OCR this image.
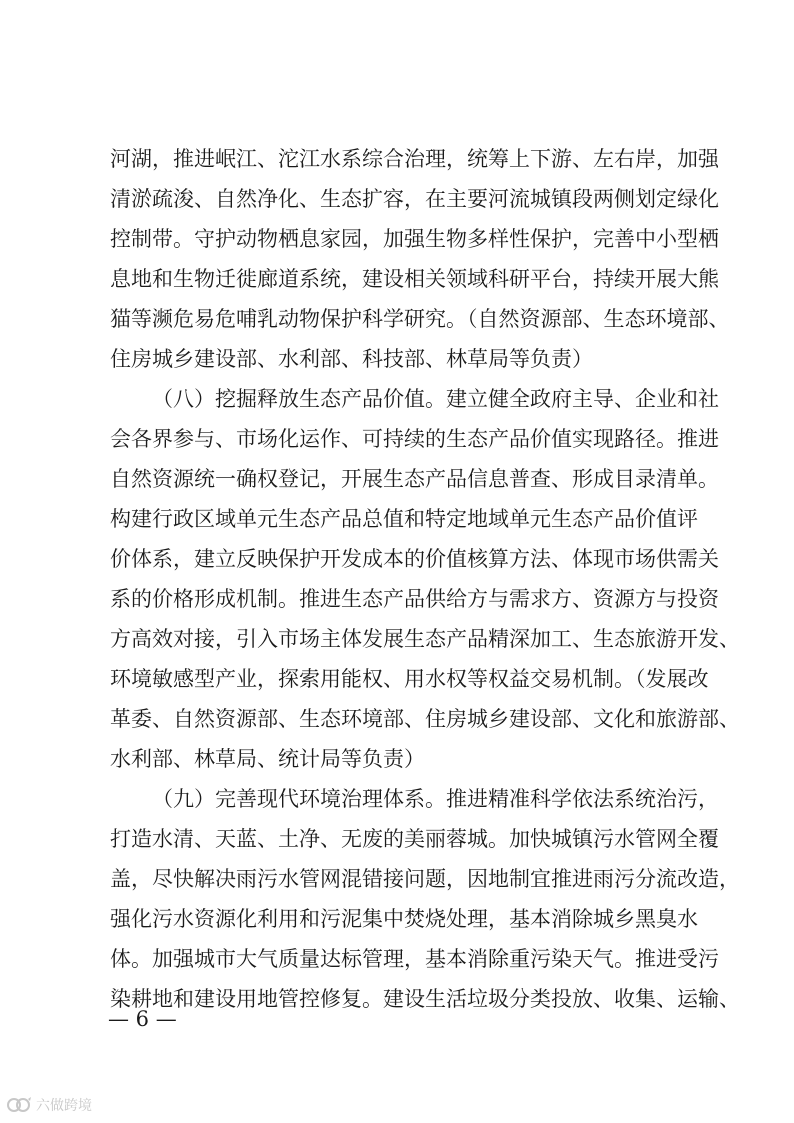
河湖，推进岷江、沱江水系综合治理，统筹上下游、左右岸，加强
清淤疏浚、自然净化、生态扩容，在主要河流城镇段两侧划定绿化
控制带。守护动物栖息家园，加强生物多样性保护，完善中小型栖
息地和生物迁徙廊道系统，建设相关领域科研平台，持续开展大熊
猫等濒危易危哺乳动物保护科学研究。（自然资源部、生态环境部、
住房城乡建设部、水利部、科技部、林草局等负责）
（八）挖掘释放生态产品价值。建立健全政府主导、企业和社
会各界参与、市场化运作、可持续的生态产品价值实现路径。推进
自然资源统一确权登记，开展生态产品信息普查、形成目录清单。
构建行政区域单元生态产品总值和特定地域单元生态产品价值评
价体系，建立反映保护开发成本的价值核算方法、体现市场供需关
系的价格形成机制。推进生态产品供给方与需求方、资源方与投资
方高效对接，引入市场主体发展生态产品精深加工、生态旅游开发、
环境敏感型产业，探索用能权、用水权等权益交易机制。（发展改
革委、自然资源部、生态环境部、住房城乡建设部、文化和旅游部、
水利部、林草局、统计局等负责）
（九）完善现代环境治理体系。推进精准科学依法系统治污，
打造水清、天蓝、土净、无废的美丽蓉城。加快城镇污水管网全覆
盖，尽快解决雨污水管网混错接问题，因地制宜推进雨污分流改造，
强化污水资源化利用和污泥集中焚烧处理，基本消除城乡黑臭水
体。加强城市大气质量达标管理，基本消除重污染天气。推进受污
染耕地和建设用地管控修复。建设生活垃圾分类投放、收集、运输、
— 6 —
六做跨境
